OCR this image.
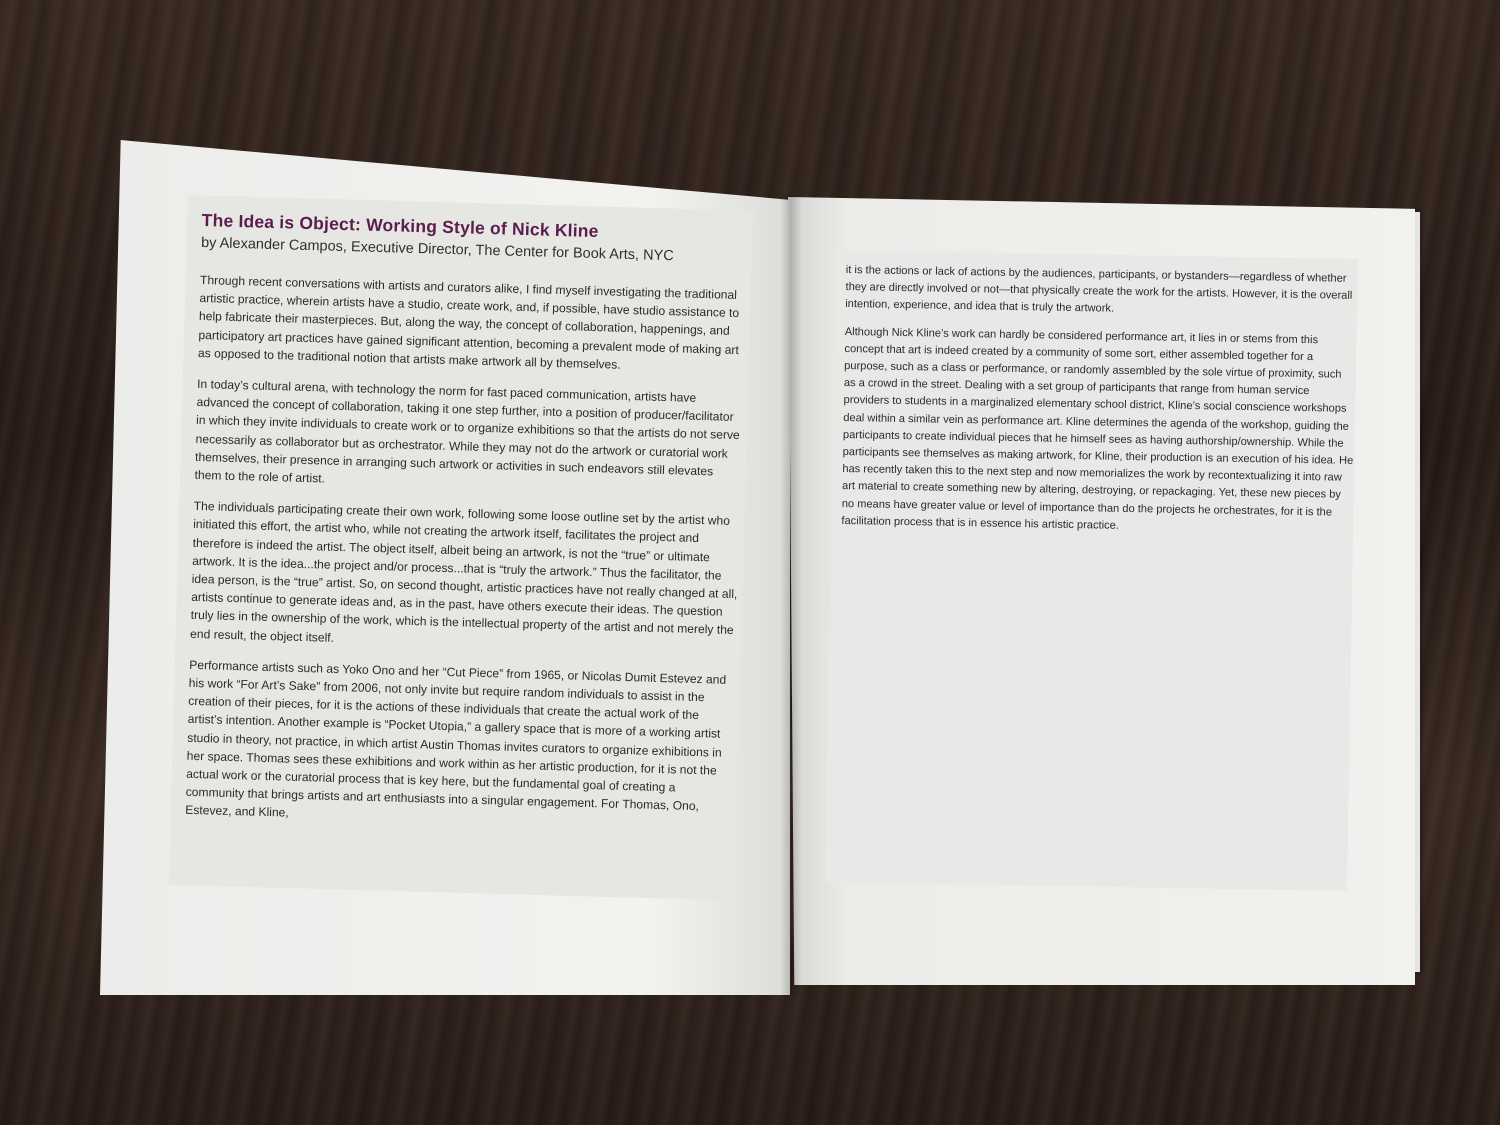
The Idea is Object: Working Style of Nick Kline
by Alexander Campos, Executive Director, The Center for Book Arts, NYC

Through recent conversations with artists and curators alike, I find myself investigating the traditional artistic practice, wherein artists have a studio, create work, and, if possible, have studio assistance to help fabricate their masterpieces. But, along the way, the concept of collaboration, happenings, and participatory art practices have gained significant attention, becoming a prevalent mode of making art as opposed to the traditional notion that artists make artwork all by themselves.

In today’s cultural arena, with technology the norm for fast paced communication, artists have advanced the concept of collaboration, taking it one step further, into a position of producer/facilitator in which they invite individuals to create work or to organize exhibitions so that the artists do not serve necessarily as collaborator but as orchestrator. While they may not do the artwork or curatorial work themselves, their presence in arranging such artwork or activities in such endeavors still elevates them to the role of artist.

The individuals participating create their own work, following some loose outline set by the artist who initiated this effort, the artist who, while not creating the artwork itself, facilitates the project and therefore is indeed the artist. The object itself, albeit being an artwork, is not the “true” or ultimate artwork. It is the idea...the project and/or process...that is “truly the artwork.” Thus the facilitator, the idea person, is the “true” artist. So, on second thought, artistic practices have not really changed at all, artists continue to generate ideas and, as in the past, have others execute their ideas. The question truly lies in the ownership of the work, which is the intellectual property of the artist and not merely the end result, the object itself.

Performance artists such as Yoko Ono and her “Cut Piece” from 1965, or Nicolas Dumit Estevez and his work “For Art’s Sake” from 2006, not only invite but require random individuals to assist in the creation of their pieces, for it is the actions of these individuals that create the actual work of the artist’s intention. Another example is “Pocket Utopia,” a gallery space that is more of a working artist studio in theory, not practice, in which artist Austin Thomas invites curators to organize exhibitions in her space. Thomas sees these exhibitions and work within as her artistic production, for it is not the actual work or the curatorial process that is key here, but the fundamental goal of creating a community that brings artists and art enthusiasts into a singular engagement. For Thomas, Ono, Estevez, and Kline,

it is the actions or lack of actions by the audiences, participants, or bystanders—regardless of whether they are directly involved or not—that physically create the work for the artists. However, it is the overall intention, experience, and idea that is truly the artwork.

Although Nick Kline’s work can hardly be considered performance art, it lies in or stems from this concept that art is indeed created by a community of some sort, either assembled together for a purpose, such as a class or performance, or randomly assembled by the sole virtue of proximity, such as a crowd in the street. Dealing with a set group of participants that range from human service providers to students in a marginalized elementary school district, Kline’s social conscience workshops deal within a similar vein as performance art. Kline determines the agenda of the workshop, guiding the participants to create individual pieces that he himself sees as having authorship/ownership. While the participants see themselves as making artwork, for Kline, their production is an execution of his idea. He has recently taken this to the next step and now memorializes the work by recontextualizing it into raw art material to create something new by altering, destroying, or repackaging. Yet, these new pieces by no means have greater value or level of importance than do the projects he orchestrates, for it is the facilitation process that is in essence his artistic practice.
